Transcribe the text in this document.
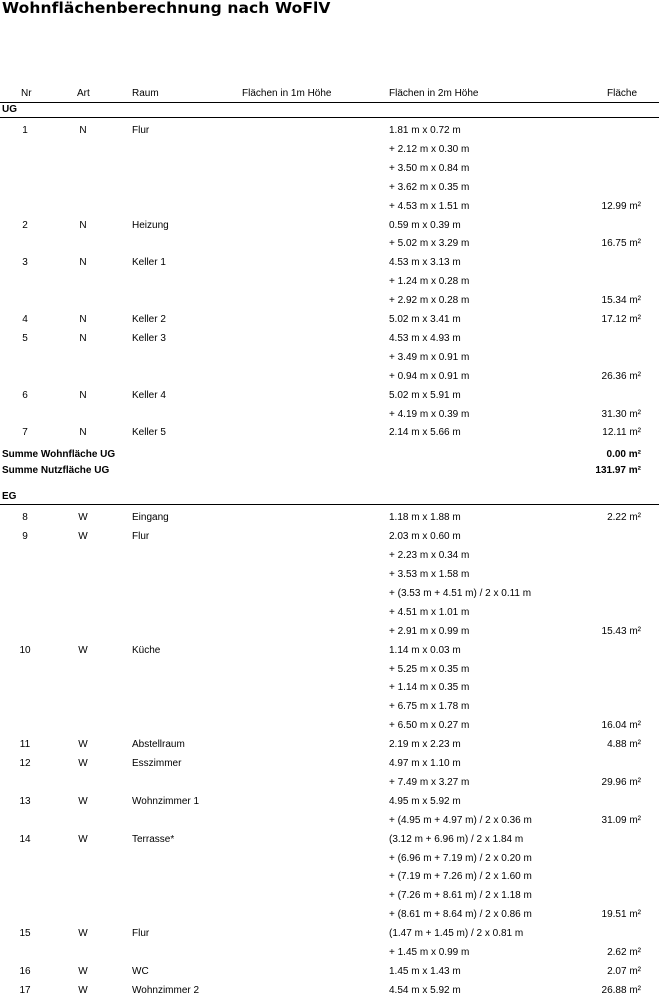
Wohnflächenberechnung nach WoFlV
Nr	Art	Raum	Flächen in 1m Höhe	Flächen in 2m Höhe	Fläche
UG
1	N	Flur	1.81 m x 0.72 m
+ 2.12 m x 0.30 m
+ 3.50 m x 0.84 m
+ 3.62 m x 0.35 m
+ 4.53 m x 1.51 m	12.99 m²
2	N	Heizung	0.59 m x 0.39 m
+ 5.02 m x 3.29 m	16.75 m²
3	N	Keller 1	4.53 m x 3.13 m
+ 1.24 m x 0.28 m
+ 2.92 m x 0.28 m	15.34 m²
4	N	Keller 2	5.02 m x 3.41 m	17.12 m²
5	N	Keller 3	4.53 m x 4.93 m
+ 3.49 m x 0.91 m
+ 0.94 m x 0.91 m	26.36 m²
6	N	Keller 4	5.02 m x 5.91 m
+ 4.19 m x 0.39 m	31.30 m²
7	N	Keller 5	2.14 m x 5.66 m	12.11 m²
Summe Wohnfläche UG	0.00 m²
Summe Nutzfläche UG	131.97 m²
EG
8	W	Eingang	1.18 m x 1.88 m	2.22 m²
9	W	Flur	2.03 m x 0.60 m
+ 2.23 m x 0.34 m
+ 3.53 m x 1.58 m
+ (3.53 m + 4.51 m) / 2 x 0.11 m
+ 4.51 m x 1.01 m
+ 2.91 m x 0.99 m	15.43 m²
10	W	Küche	1.14 m x 0.03 m
+ 5.25 m x 0.35 m
+ 1.14 m x 0.35 m
+ 6.75 m x 1.78 m
+ 6.50 m x 0.27 m	16.04 m²
11	W	Abstellraum	2.19 m x 2.23 m	4.88 m²
12	W	Esszimmer	4.97 m x 1.10 m
+ 7.49 m x 3.27 m	29.96 m²
13	W	Wohnzimmer 1	4.95 m x 5.92 m
+ (4.95 m + 4.97 m) / 2 x 0.36 m	31.09 m²
14	W	Terrasse*	(3.12 m + 6.96 m) / 2 x 1.84 m
+ (6.96 m + 7.19 m) / 2 x 0.20 m
+ (7.19 m + 7.26 m) / 2 x 1.60 m
+ (7.26 m + 8.61 m) / 2 x 1.18 m
+ (8.61 m + 8.64 m) / 2 x 0.86 m	19.51 m²
15	W	Flur	(1.47 m + 1.45 m) / 2 x 0.81 m
+ 1.45 m x 0.99 m	2.62 m²
16	W	WC	1.45 m x 1.43 m	2.07 m²
17	W	Wohnzimmer 2	4.54 m x 5.92 m	26.88 m²
